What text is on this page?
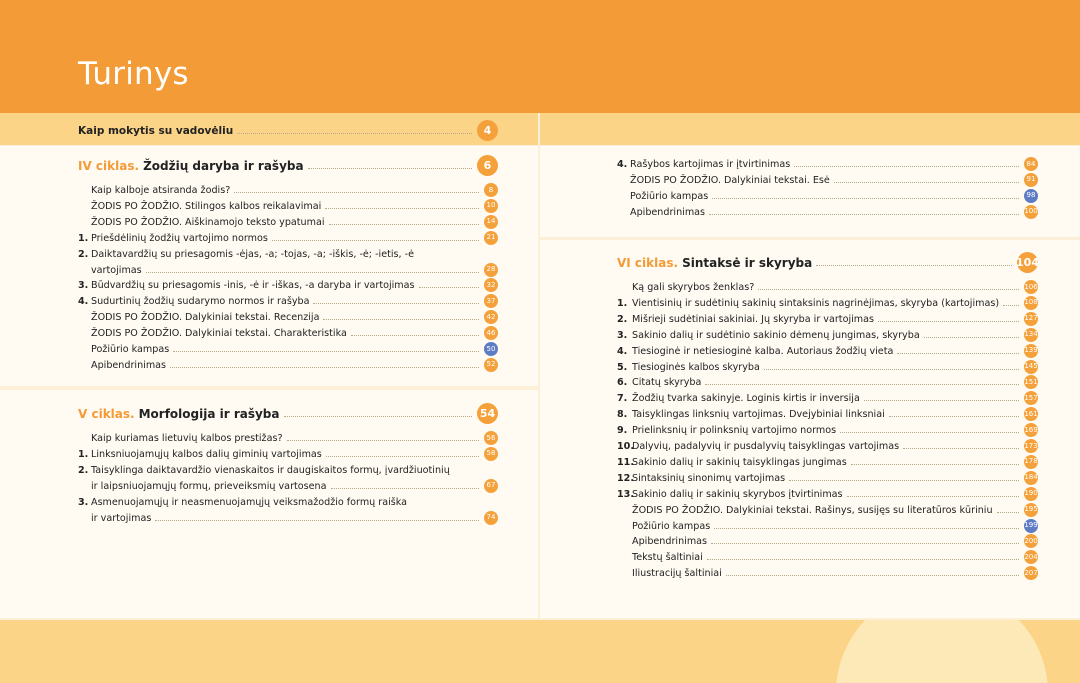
Turinys
Kaip mokytis su vadovėliu	4
IV ciklas. Žodžių daryba ir rašyba	6
V ciklas. Morfologija ir rašyba	54
VI ciklas. Sintaksė ir skyryba	104
Kaip kalboje atsiranda žodis?	8
ŽODIS PO ŽODŽIO. Stilingos kalbos reikalavimai	10
ŽODIS PO ŽODŽIO. Aiškinamojo teksto ypatumai	14
1. Priešdėlinių žodžių vartojimo normos	21
2. Daiktavardžių su priesagomis -ėjas, -a; -tojas, -a; -iškis, -ė; -ietis, -ė
vartojimas	28
3. Būdvardžių su priesagomis -inis, -ė ir -iškas, -a daryba ir vartojimas	32
4. Sudurtinių žodžių sudarymo normos ir rašyba	37
ŽODIS PO ŽODŽIO. Dalykiniai tekstai. Recenzija	42
ŽODIS PO ŽODŽIO. Dalykiniai tekstai. Charakteristika	46
Požiūrio kampas	50
Apibendrinimas	52
Kaip kuriamas lietuvių kalbos prestižas?	56
1. Linksniuojamųjų kalbos dalių giminių vartojimas	58
2. Taisyklinga daiktavardžio vienaskaitos ir daugiskaitos formų, įvardžiuotinių
ir laipsniuojamųjų formų, prieveiksmių vartosena	67
3. Asmenuojamųjų ir neasmenuojamųjų veiksmažodžio formų raiška
ir vartojimas	74
4. Rašybos kartojimas ir įtvirtinimas	84
ŽODIS PO ŽODŽIO. Dalykiniai tekstai. Esė	91
Požiūrio kampas	98
Apibendrinimas	100
Ką gali skyrybos ženklas?	106
1. Vientisinių ir sudėtinių sakinių sintaksinis nagrinėjimas, skyryba (kartojimas)	108
2. Mišrieji sudėtiniai sakiniai. Jų skyryba ir vartojimas	127
3. Sakinio dalių ir sudėtinio sakinio dėmenų jungimas, skyryba	134
4. Tiesioginė ir netiesioginė kalba. Autoriaus žodžių vieta	139
5. Tiesioginės kalbos skyryba	145
6. Citatų skyryba	151
7. Žodžių tvarka sakinyje. Loginis kirtis ir inversija	157
8. Taisyklingas linksnių vartojimas. Dvejybiniai linksniai	161
9. Prielinksnių ir polinksnių vartojimo normos	169
10.
Dalyvių, padalyvių ir pusdalyvių taisyklingas vartojimas	173
11.
Sakinio dalių ir sakinių taisyklingas jungimas	178
12.
Sintaksinių sinonimų vartojimas	184
13.
Sakinio dalių ir sakinių skyrybos įtvirtinimas	190
ŽODIS PO ŽODŽIO. Dalykiniai tekstai. Rašinys, susijęs su literatūros kūriniu	195
Požiūrio kampas	199
Apibendrinimas	200
Tekstų šaltiniai	204
Iliustracijų šaltiniai	207
